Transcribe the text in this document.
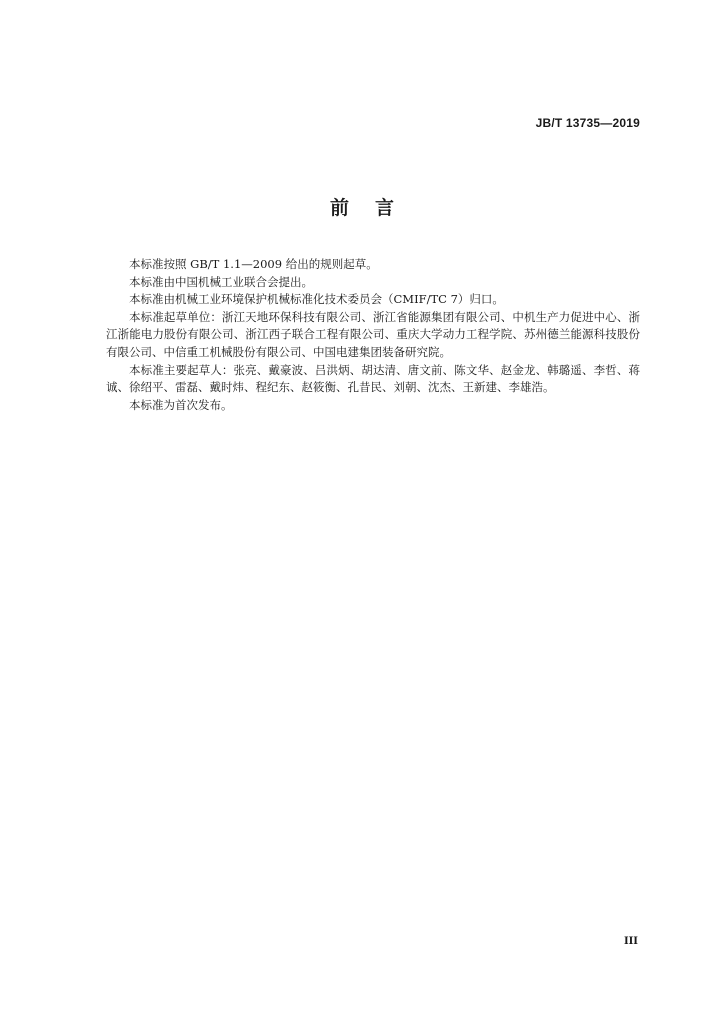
JB/T 13735—2019
前言

本标准按照 GB/T 1.1—2009 给出的规则起草。

本标准由中国机械工业联合会提出。

本标准由机械工业环境保护机械标准化技术委员会（CMIF/TC 7）归口。

本标准起草单位：浙江天地环保科技有限公司、浙江省能源集团有限公司、中机生产力促进中心、浙江浙能电力股份有限公司、浙江西子联合工程有限公司、重庆大学动力工程学院、苏州德兰能源科技股份有限公司、中信重工机械股份有限公司、中国电建集团装备研究院。

本标准主要起草人：张亮、戴豪波、吕洪炳、胡达清、唐文前、陈文华、赵金龙、韩璐遥、李哲、蒋诚、徐绍平、雷磊、戴时炜、程纪东、赵筱衡、孔昔民、刘朝、沈杰、王新建、李雄浩。

本标准为首次发布。

III
